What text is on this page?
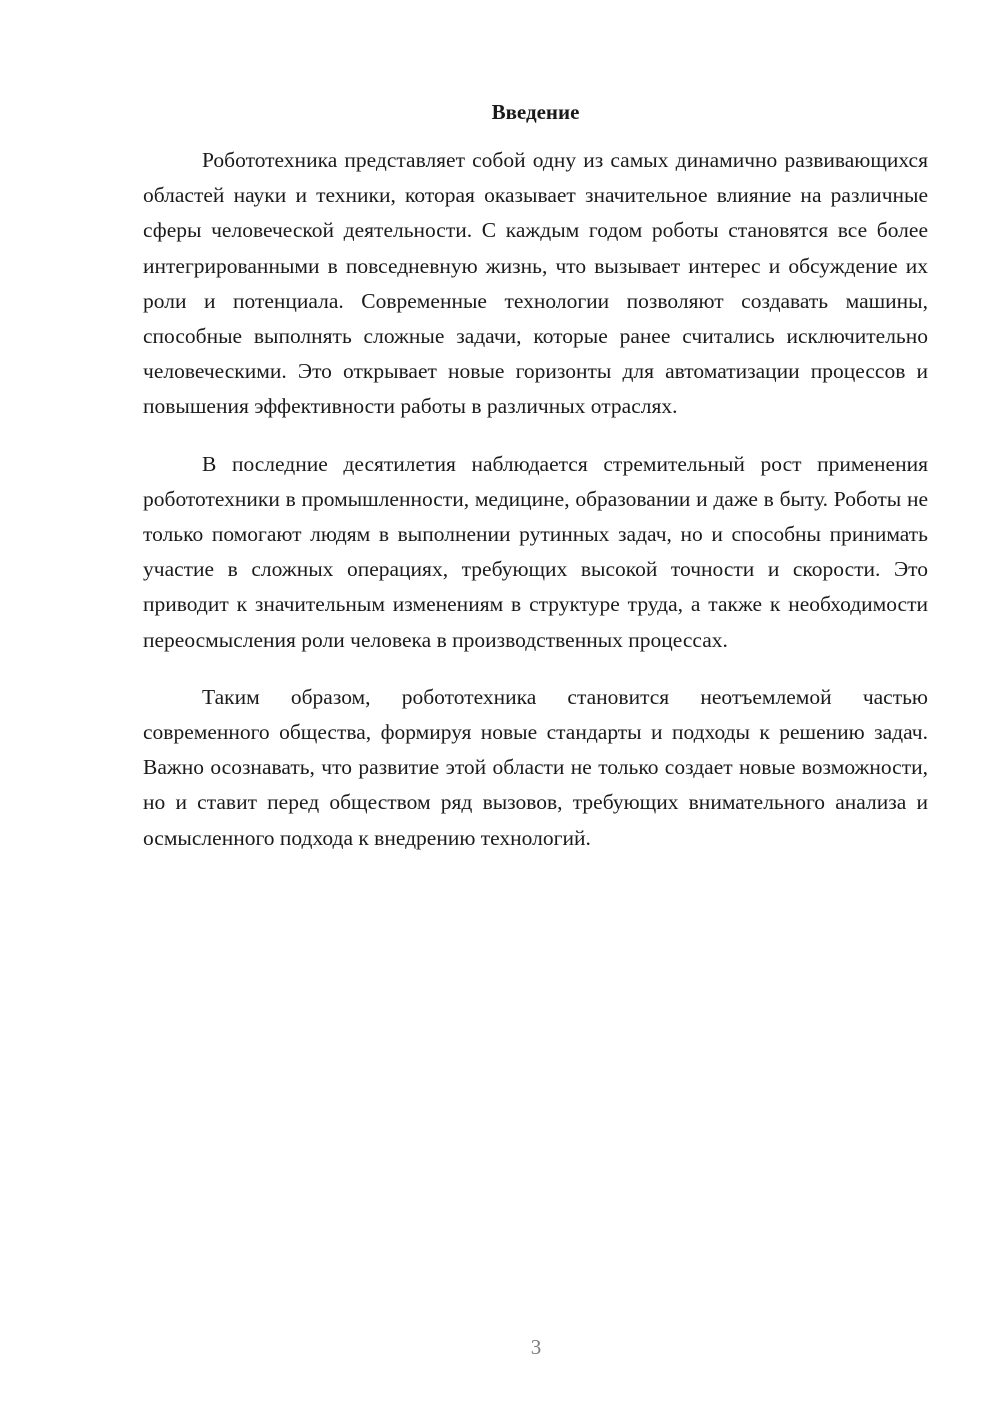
Введение

Робототехника представляет собой одну из самых динамично развивающихся областей науки и техники, которая оказывает значительное влияние на различные сферы человеческой деятельности. С каждым годом роботы становятся все более интегрированными в повседневную жизнь, что вызывает интерес и обсуждение их роли и потенциала. Современные технологии позволяют создавать машины, способные выполнять сложные задачи, которые ранее считались исключительно человеческими. Это открывает новые горизонты для автоматизации процессов и повышения эффективности работы в различных отраслях.

В последние десятилетия наблюдается стремительный рост применения робототехники в промышленности, медицине, образовании и даже в быту. Роботы не только помогают людям в выполнении рутинных задач, но и способны принимать участие в сложных операциях, требующих высокой точности и скорости. Это приводит к значительным изменениям в структуре труда, а также к необходимости переосмысления роли человека в производственных процессах.

Таким образом, робототехника становится неотъемлемой частью современного общества, формируя новые стандарты и подходы к решению задач. Важно осознавать, что развитие этой области не только создает новые возможности, но и ставит перед обществом ряд вызовов, требующих внимательного анализа и осмысленного подхода к внедрению технологий.

3
